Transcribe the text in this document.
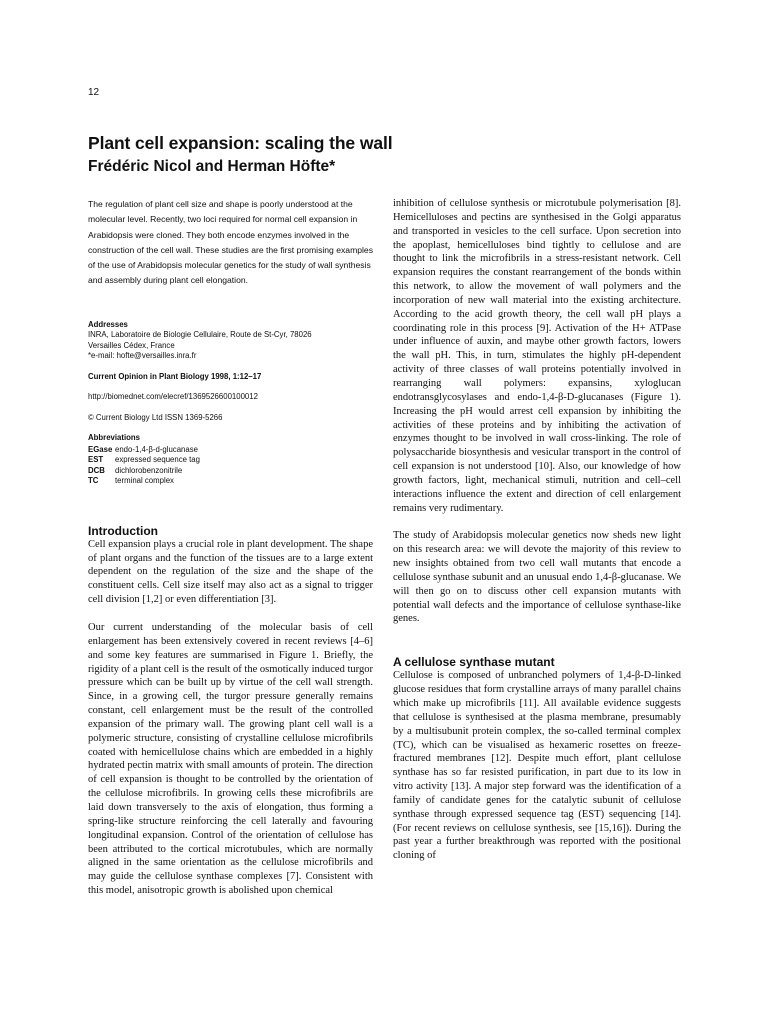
12
Plant cell expansion: scaling the wall
Frédéric Nicol and Herman Höfte*

The regulation of plant cell size and shape is poorly understood at the molecular level. Recently, two loci required for normal cell expansion in Arabidopsis were cloned. They both encode enzymes involved in the construction of the cell wall. These studies are the first promising examples of the use of Arabidopsis molecular genetics for the study of wall synthesis and assembly during plant cell elongation.

Addresses
INRA, Laboratoire de Biologie Cellulaire, Route de St-Cyr, 78026
Versailles Cédex, France
*e-mail: hofte@versailles.inra.fr
Current Opinion in Plant Biology 1998, 1:12–17
http://biomednet.com/elecref/1369526600100012
© Current Biology Ltd ISSN 1369-5266
Abbreviations
EGase	endo-1,4-β-d-glucanase
EST	expressed sequence tag
DCB	dichlorobenzonitrile
TC	terminal complex
Introduction

Cell expansion plays a crucial role in plant development. The shape of plant organs and the function of the tissues are to a large extent dependent on the regulation of the size and the shape of the constituent cells. Cell size itself may also act as a signal to trigger cell division [1,2] or even differentiation [3].

Our current understanding of the molecular basis of cell enlargement has been extensively covered in recent reviews [4–6] and some key features are summarised in Figure 1. Briefly, the rigidity of a plant cell is the result of the osmotically induced turgor pressure which can be built up by virtue of the cell wall strength. Since, in a growing cell, the turgor pressure generally remains constant, cell enlargement must be the result of the controlled expansion of the primary wall. The growing plant cell wall is a polymeric structure, consisting of crystalline cellulose microfibrils coated with hemicellulose chains which are embedded in a highly hydrated pectin matrix with small amounts of protein. The direction of cell expansion is thought to be controlled by the orientation of the cellulose microfibrils. In growing cells these microfibrils are laid down transversely to the axis of elongation, thus forming a spring-like structure reinforcing the cell laterally and favouring longitudinal expansion. Control of the orientation of cellulose has been attributed to the cortical microtubules, which are normally aligned in the same orientation as the cellulose microfibrils and may guide the cellulose synthase complexes [7]. Consistent with this model, anisotropic growth is abolished upon chemical

inhibition of cellulose synthesis or microtubule polymerisation [8]. Hemicelluloses and pectins are synthesised in the Golgi apparatus and transported in vesicles to the cell surface. Upon secretion into the apoplast, hemicelluloses bind tightly to cellulose and are thought to link the microfibrils in a stress-resistant network. Cell expansion requires the constant rearrangement of the bonds within this network, to allow the movement of wall polymers and the incorporation of new wall material into the existing architecture. According to the acid growth theory, the cell wall pH plays a coordinating role in this process [9]. Activation of the H+ ATPase under influence of auxin, and maybe other growth factors, lowers the wall pH. This, in turn, stimulates the highly pH-dependent activity of three classes of wall proteins potentially involved in rearranging wall polymers: expansins, xyloglucan endotransglycosylases and endo-1,4-β-D-glucanases (Figure 1). Increasing the pH would arrest cell expansion by inhibiting the activities of these proteins and by inhibiting the activation of enzymes thought to be involved in wall cross-linking. The role of polysaccharide biosynthesis and vesicular transport in the control of cell expansion is not understood [10]. Also, our knowledge of how growth factors, light, mechanical stimuli, nutrition and cell–cell interactions influence the extent and direction of cell enlargement remains very rudimentary.

The study of Arabidopsis molecular genetics now sheds new light on this research area: we will devote the majority of this review to new insights obtained from two cell wall mutants that encode a cellulose synthase subunit and an unusual endo 1,4-β-glucanase. We will then go on to discuss other cell expansion mutants with potential wall defects and the importance of cellulose synthase-like genes.

A cellulose synthase mutant

Cellulose is composed of unbranched polymers of 1,4-β-D-linked glucose residues that form crystalline arrays of many parallel chains which make up microfibrils [11]. All available evidence suggests that cellulose is synthesised at the plasma membrane, presumably by a multisubunit protein complex, the so-called terminal complex (TC), which can be visualised as hexameric rosettes on freeze-fractured membranes [12]. Despite much effort, plant cellulose synthase has so far resisted purification, in part due to its low in vitro activity [13]. A major step forward was the identification of a family of candidate genes for the catalytic subunit of cellulose synthase through expressed sequence tag (EST) sequencing [14]. (For recent reviews on cellulose synthesis, see [15,16]). During the past year a further breakthrough was reported with the positional cloning of
